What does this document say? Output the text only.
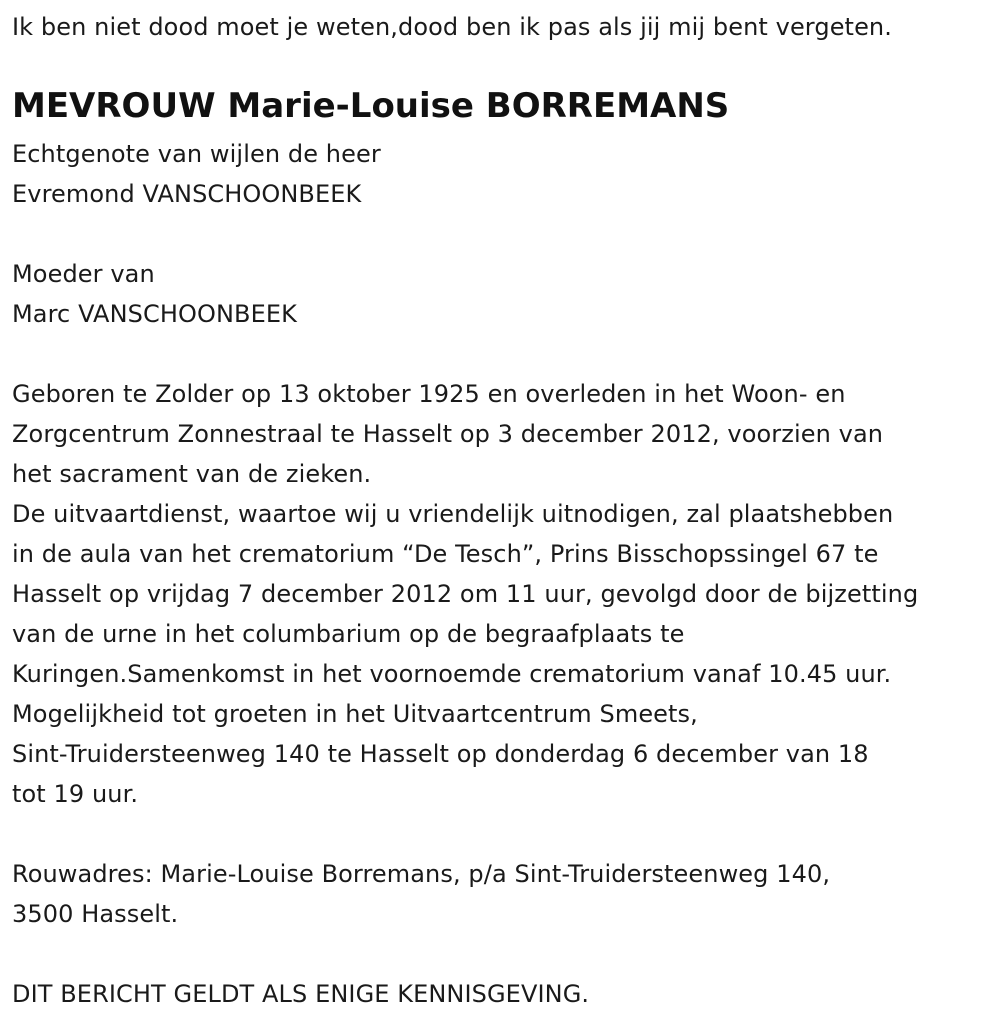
Ik ben niet dood moet je weten,dood ben ik pas als jij mij bent vergeten.
MEVROUW Marie-Louise BORREMANS
Echtgenote van wijlen de heer
Evremond VANSCHOONBEEK
Moeder van
Marc VANSCHOONBEEK
Geboren te Zolder op 13 oktober 1925 en overleden in het Woon- en
Zorgcentrum Zonnestraal te Hasselt op 3 december 2012, voorzien van
het sacrament van de zieken.
De uitvaartdienst, waartoe wij u vriendelijk uitnodigen, zal plaatshebben
in de aula van het crematorium “De Tesch”, Prins Bisschopssingel 67 te
Hasselt op vrijdag 7 december 2012 om 11 uur, gevolgd door de bijzetting
van de urne in het columbarium op de begraafplaats te
Kuringen.Samenkomst in het voornoemde crematorium vanaf 10.45 uur.
Mogelijkheid tot groeten in het Uitvaartcentrum Smeets,
Sint-Truidersteenweg 140 te Hasselt op donderdag 6 december van 18
tot 19 uur.
Rouwadres: Marie-Louise Borremans, p/a Sint-Truidersteenweg 140,
3500 Hasselt.
DIT BERICHT GELDT ALS ENIGE KENNISGEVING.
